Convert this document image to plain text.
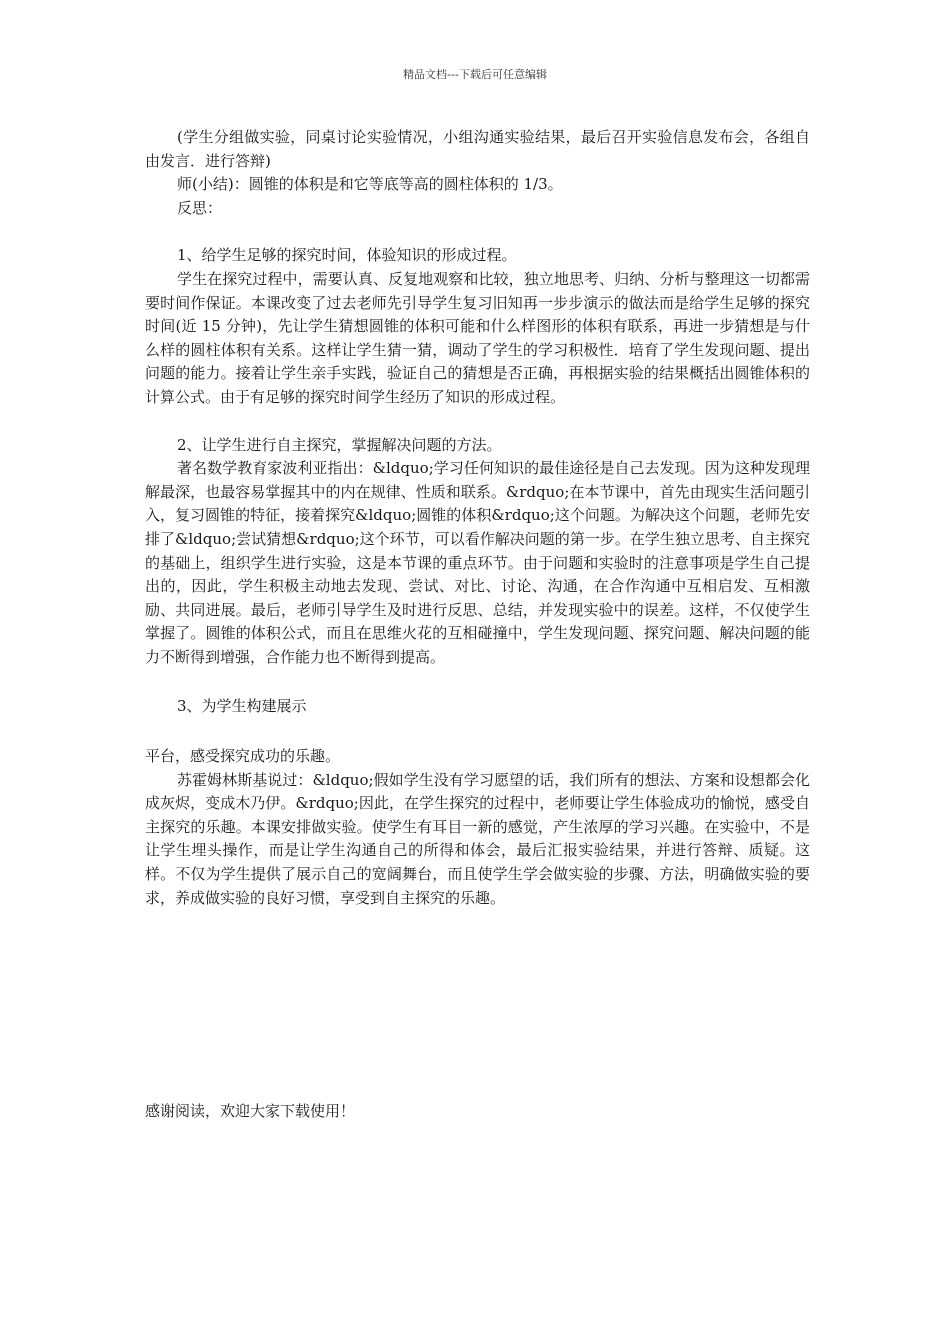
精品文档---下载后可任意编辑

(学生分组做实验，同桌讨论实验情况，小组沟通实验结果，最后召开实验信息发布会，各组自由发言．进行答辩)

师(小结)：圆锥的体积是和它等底等高的圆柱体积的 1/3。

反思：

1、给学生足够的探究时间，体验知识的形成过程。

学生在探究过程中，需要认真、反复地观察和比较，独立地思考、归纳、分析与整理这一切都需要时间作保证。本课改变了过去老师先引导学生复习旧知再一步步演示的做法而是给学生足够的探究时间(近 15 分钟)，先让学生猜想圆锥的体积可能和什么样图形的体积有联系，再进一步猜想是与什么样的圆柱体积有关系。这样让学生猜一猜，调动了学生的学习积极性．培育了学生发现问题、提出问题的能力。接着让学生亲手实践，验证自己的猜想是否正确，再根据实验的结果概括出圆锥体积的计算公式。由于有足够的探究时间学生经历了知识的形成过程。

2、让学生进行自主探究，掌握解决问题的方法。

著名数学教育家波利亚指出：&ldquo;学习任何知识的最佳途径是自己去发现。因为这种发现理解最深，也最容易掌握其中的内在规律、性质和联系。&rdquo;在本节课中，首先由现实生活问题引入，复习圆锥的特征，接着探究&ldquo;圆锥的体积&rdquo;这个问题。为解决这个问题，老师先安排了&ldquo;尝试猜想&rdquo;这个环节，可以看作解决问题的第一步。在学生独立思考、自主探究的基础上，组织学生进行实验，这是本节课的重点环节。由于问题和实验时的注意事项是学生自己提出的，因此，学生积极主动地去发现、尝试、对比、讨论、沟通，在合作沟通中互相启发、互相激励、共同进展。最后，老师引导学生及时进行反思、总结，并发现实验中的误差。这样，不仅使学生掌握了。圆锥的体积公式，而且在思维火花的互相碰撞中，学生发现问题、探究问题、解决问题的能力不断得到增强，合作能力也不断得到提高。

3、为学生构建展示

平台，感受探究成功的乐趣。

苏霍姆林斯基说过：&ldquo;假如学生没有学习愿望的话，我们所有的想法、方案和设想都会化成灰烬，变成木乃伊。&rdquo;因此，在学生探究的过程中，老师要让学生体验成功的愉悦，感受自主探究的乐趣。本课安排做实验。使学生有耳目一新的感觉，产生浓厚的学习兴趣。在实验中，不是让学生埋头操作，而是让学生沟通自己的所得和体会，最后汇报实验结果，并进行答辩、质疑。这样。不仅为学生提供了展示自己的宽阔舞台，而且使学生学会做实验的步骤、方法，明确做实验的要求，养成做实验的良好习惯，享受到自主探究的乐趣。

感谢阅读，欢迎大家下载使用！
